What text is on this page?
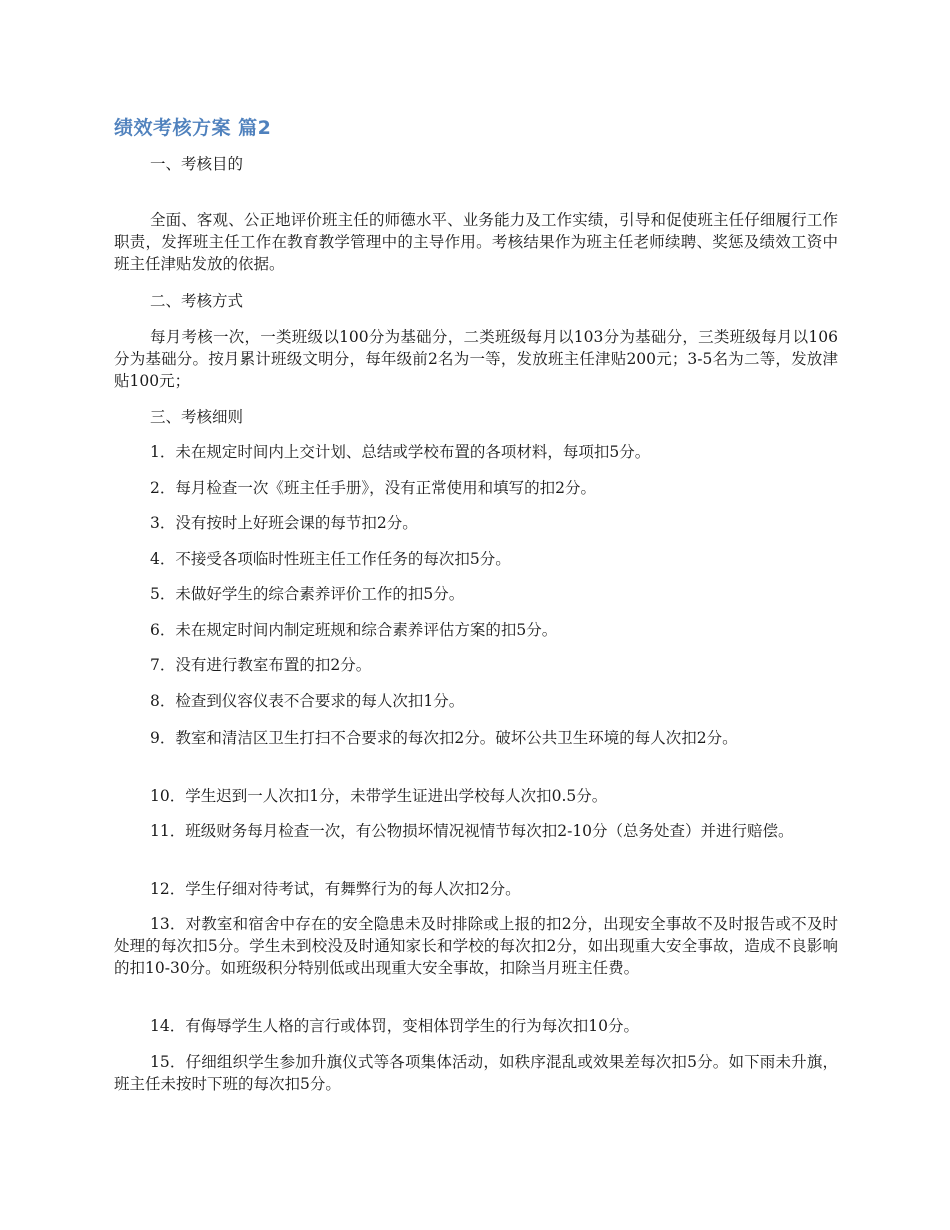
绩效考核方案 篇2
一、考核目的
全面、客观、公正地评价班主任的师德水平、业务能力及工作实绩，引导和促使班主任仔细履行工作职责，发挥班主任工作在教育教学管理中的主导作用。考核结果作为班主任老师续聘、奖惩及绩效工资中班主任津贴发放的依据。
二、考核方式
每月考核一次，一类班级以100分为基础分，二类班级每月以103分为基础分，三类班级每月以106分为基础分。按月累计班级文明分，每年级前2名为一等，发放班主任津贴200元；3-5名为二等，发放津贴100元；
三、考核细则
1．未在规定时间内上交计划、总结或学校布置的各项材料，每项扣5分。
2．每月检查一次《班主任手册》，没有正常使用和填写的扣2分。
3．没有按时上好班会课的每节扣2分。
4．不接受各项临时性班主任工作任务的每次扣5分。
5．未做好学生的综合素养评价工作的扣5分。
6．未在规定时间内制定班规和综合素养评估方案的扣5分。
7．没有进行教室布置的扣2分。
8．检查到仪容仪表不合要求的每人次扣1分。
9．教室和清洁区卫生打扫不合要求的每次扣2分。破坏公共卫生环境的每人次扣2分。
10．学生迟到一人次扣1分，未带学生证进出学校每人次扣0.5分。
11．班级财务每月检查一次，有公物损坏情况视情节每次扣2-10分（总务处查）并进行赔偿。
12．学生仔细对待考试，有舞弊行为的每人次扣2分。
13．对教室和宿舍中存在的安全隐患未及时排除或上报的扣2分，出现安全事故不及时报告或不及时处理的每次扣5分。学生未到校没及时通知家长和学校的每次扣2分，如出现重大安全事故，造成不良影响的扣10-30分。如班级积分特别低或出现重大安全事故，扣除当月班主任费。
14．有侮辱学生人格的言行或体罚，变相体罚学生的行为每次扣10分。
15．仔细组织学生参加升旗仪式等各项集体活动，如秩序混乱或效果差每次扣5分。如下雨未升旗，班主任未按时下班的每次扣5分。
